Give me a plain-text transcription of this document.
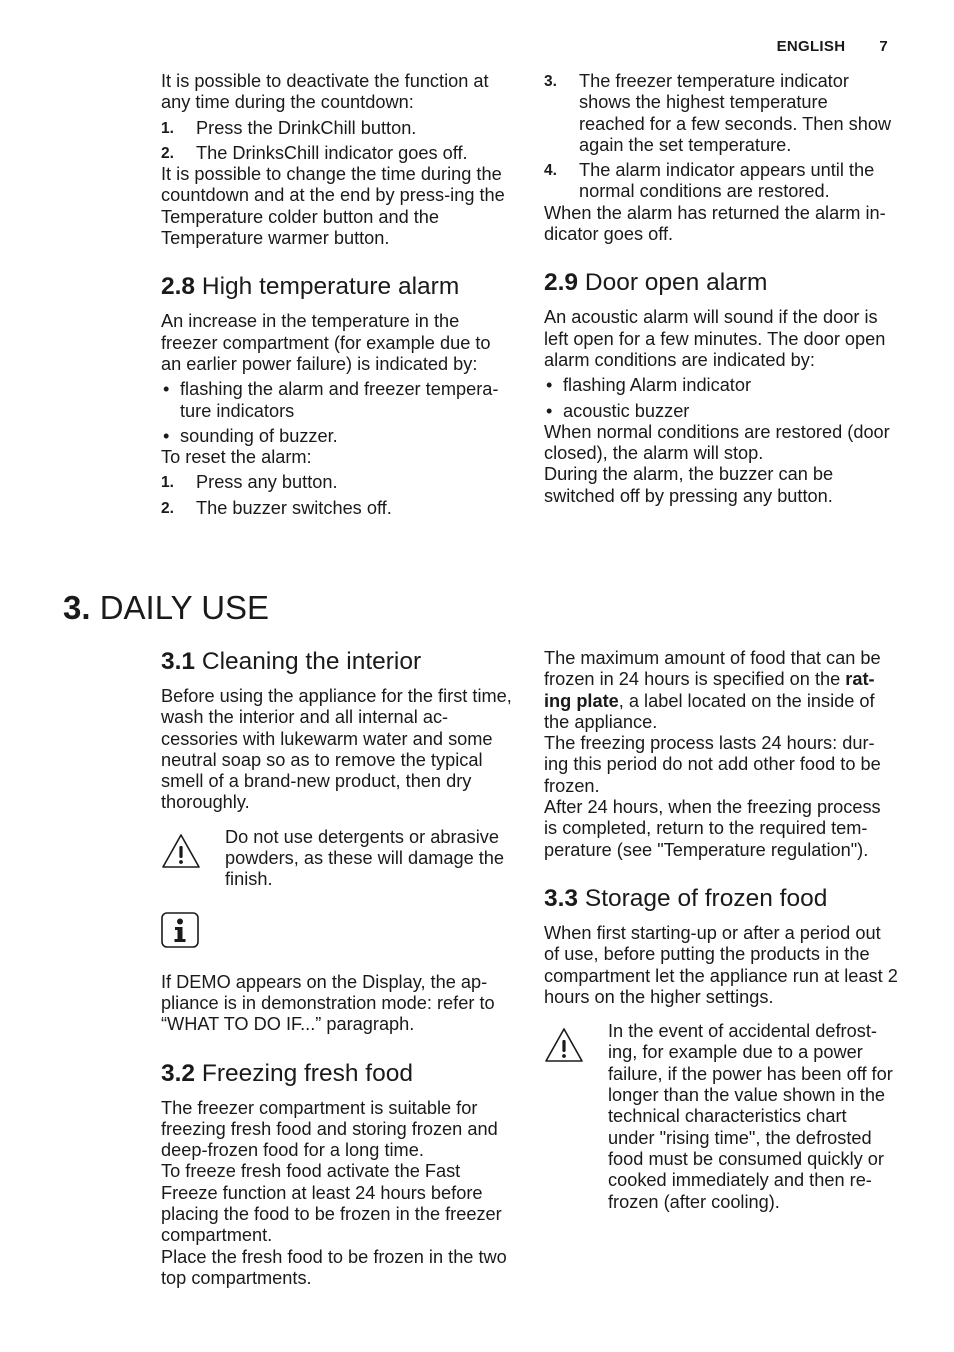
ENGLISH 7

It is possible to deactivate the function at any time during the countdown:

1. Press the DrinkChill button.
2. The DrinksChill indicator goes off.

It is possible to change the time during the countdown and at the end by press-ing the Temperature colder button and the Temperature warmer button.

2.8 High temperature alarm

An increase in the temperature in the freezer compartment (for example due to an earlier power failure) is indicated by:

• flashing the alarm and freezer tempera-ture indicators
• sounding of buzzer.

To reset the alarm:

1. Press any button.
2. The buzzer switches off.
3. The freezer temperature indicator shows the highest temperature reached for a few seconds. Then show again the set temperature.
4. The alarm indicator appears until the normal conditions are restored.

When the alarm has returned the alarm in-dicator goes off.

2.9 Door open alarm

An acoustic alarm will sound if the door is left open for a few minutes. The door open alarm conditions are indicated by:

• flashing Alarm indicator
• acoustic buzzer

When normal conditions are restored (door closed), the alarm will stop.

During the alarm, the buzzer can be switched off by pressing any button.

3. DAILY USE
3.1 Cleaning the interior

Before using the appliance for the first time, wash the interior and all internal ac-cessories with lukewarm water and some neutral soap so as to remove the typical smell of a brand-new product, then dry thoroughly.

Do not use detergents or abrasive powders, as these will damage the finish.

If DEMO appears on the Display, the ap-pliance is in demonstration mode: refer to “WHAT TO DO IF...” paragraph.

3.2 Freezing fresh food

The freezer compartment is suitable for freezing fresh food and storing frozen and deep-frozen food for a long time.

To freeze fresh food activate the Fast Freeze function at least 24 hours before placing the food to be frozen in the freezer compartment.

Place the fresh food to be frozen in the two top compartments.

The maximum amount of food that can be frozen in 24 hours is specified on the rat-ing plate, a label located on the inside of the appliance.

The freezing process lasts 24 hours: dur-ing this period do not add other food to be frozen.

After 24 hours, when the freezing process is completed, return to the required tem-perature (see "Temperature regulation").

3.3 Storage of frozen food

When first starting-up or after a period out of use, before putting the products in the compartment let the appliance run at least 2 hours on the higher settings.

In the event of accidental defrost-ing, for example due to a power failure, if the power has been off for longer than the value shown in the technical characteristics chart under "rising time", the defrosted food must be consumed quickly or cooked immediately and then re-frozen (after cooling).
